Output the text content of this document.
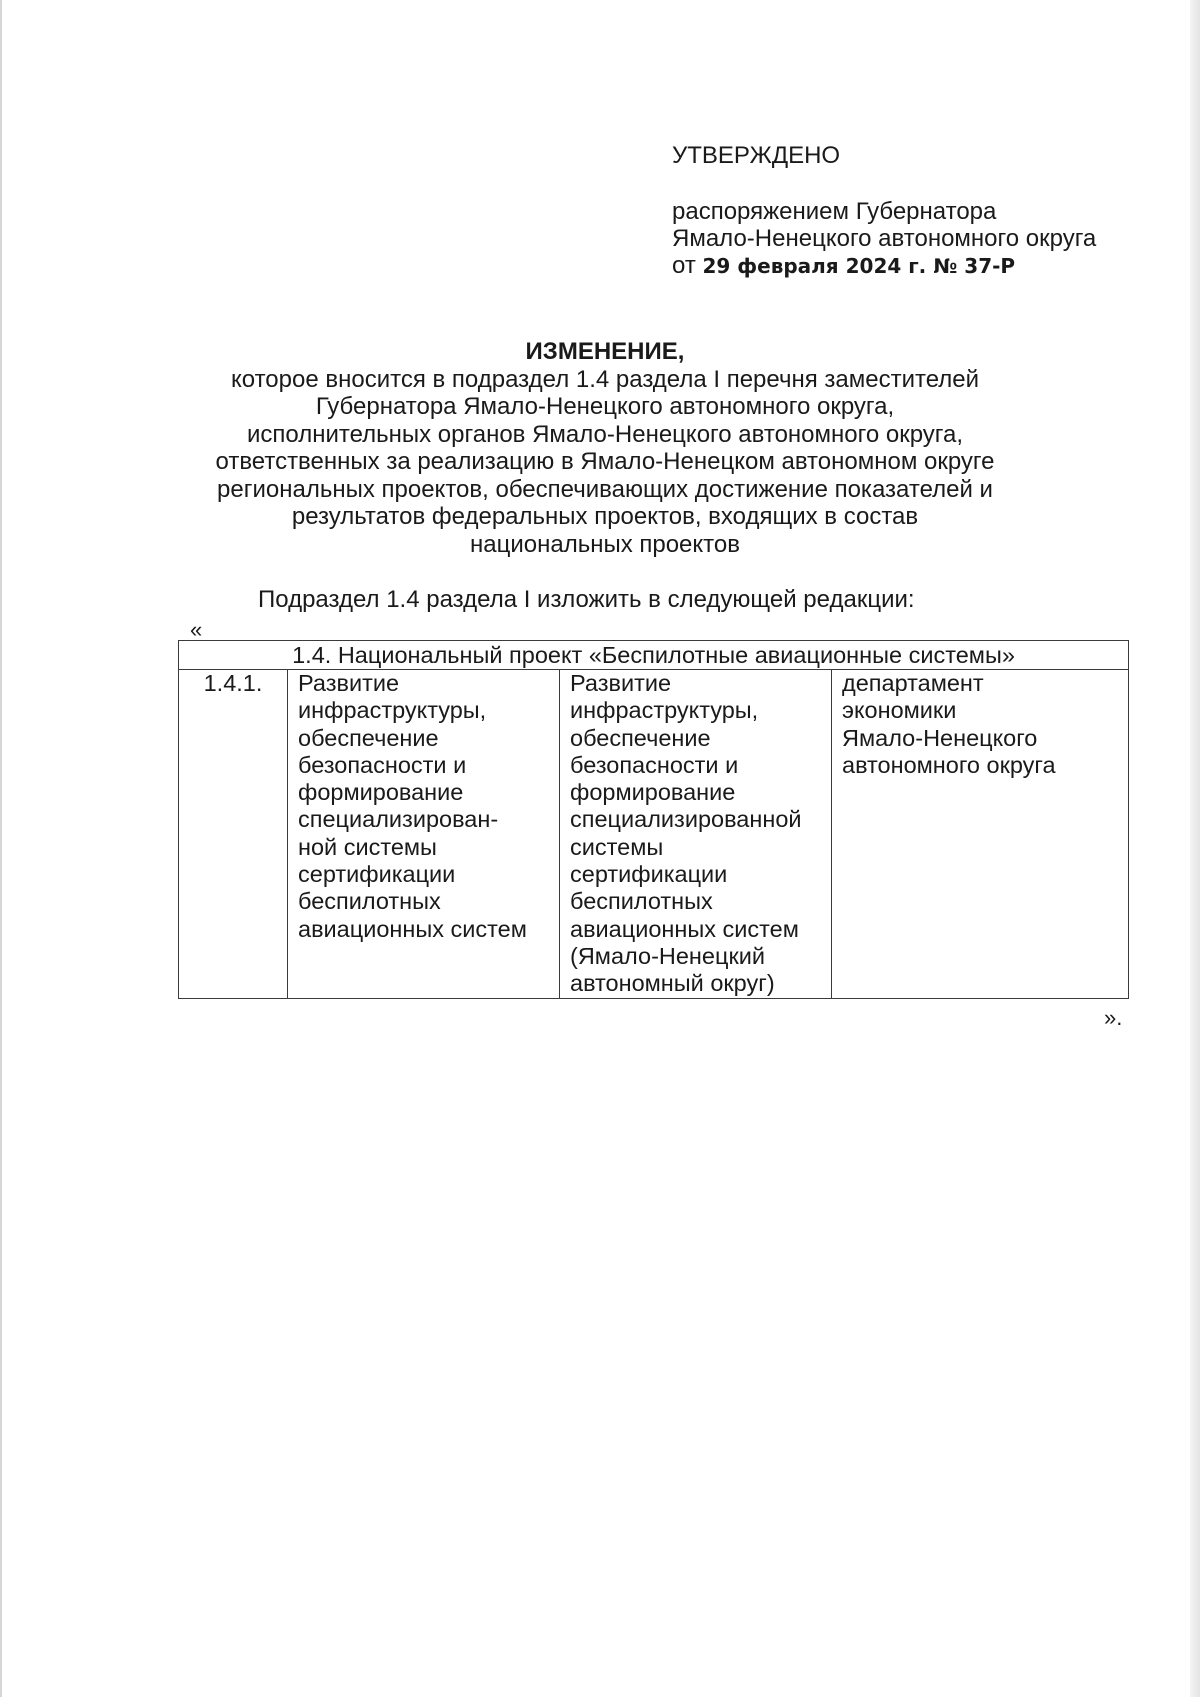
УТВЕРЖДЕНО

распоряжением Губернатора

Ямало-Ненецкого автономного округа

от 29 февраля 2024 г. № 37-Р

ИЗМЕНЕНИЕ,

которое вносится в подраздел 1.4 раздела I перечня заместителей

Губернатора Ямало-Ненецкого автономного округа,

исполнительных органов Ямало-Ненецкого автономного округа,

ответственных за реализацию в Ямало-Ненецком автономном округе

региональных проектов, обеспечивающих достижение показателей и

результатов федеральных проектов, входящих в состав

национальных проектов

Подраздел 1.4 раздела I изложить в следующей редакции:
«
1.4. Национальный проект «Беспилотные авиационные системы»
1.4.1.	Развитие
инфраструктуры,
обеспечение
безопасности и
формирование
специализирован-
ной системы
сертификации
беспилотных
авиационных систем	Развитие
инфраструктуры,
обеспечение
безопасности и
формирование
специализированной
системы
сертификации
беспилотных
авиационных систем
(Ямало-Ненецкий
автономный округ)	департамент
экономики
Ямало-Ненецкого
автономного округа
».
